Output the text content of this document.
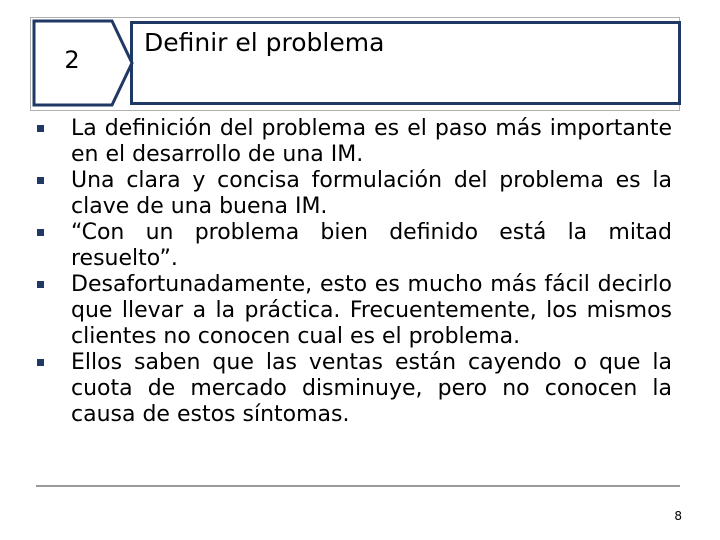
2
Definir el problema
La definición del problema es el paso más importante en el desarrollo de una IM.
Una clara y concisa formulación del problema es la clave de una buena IM.
“Con un problema bien definido está la mitad resuelto”.
Desafortunadamente, esto es mucho más fácil decirlo que llevar a la práctica. Frecuentemente, los mismos clientes no conocen cual es el problema.
Ellos saben que las ventas están cayendo o que la cuota de mercado disminuye, pero no conocen la causa de estos síntomas.
8
